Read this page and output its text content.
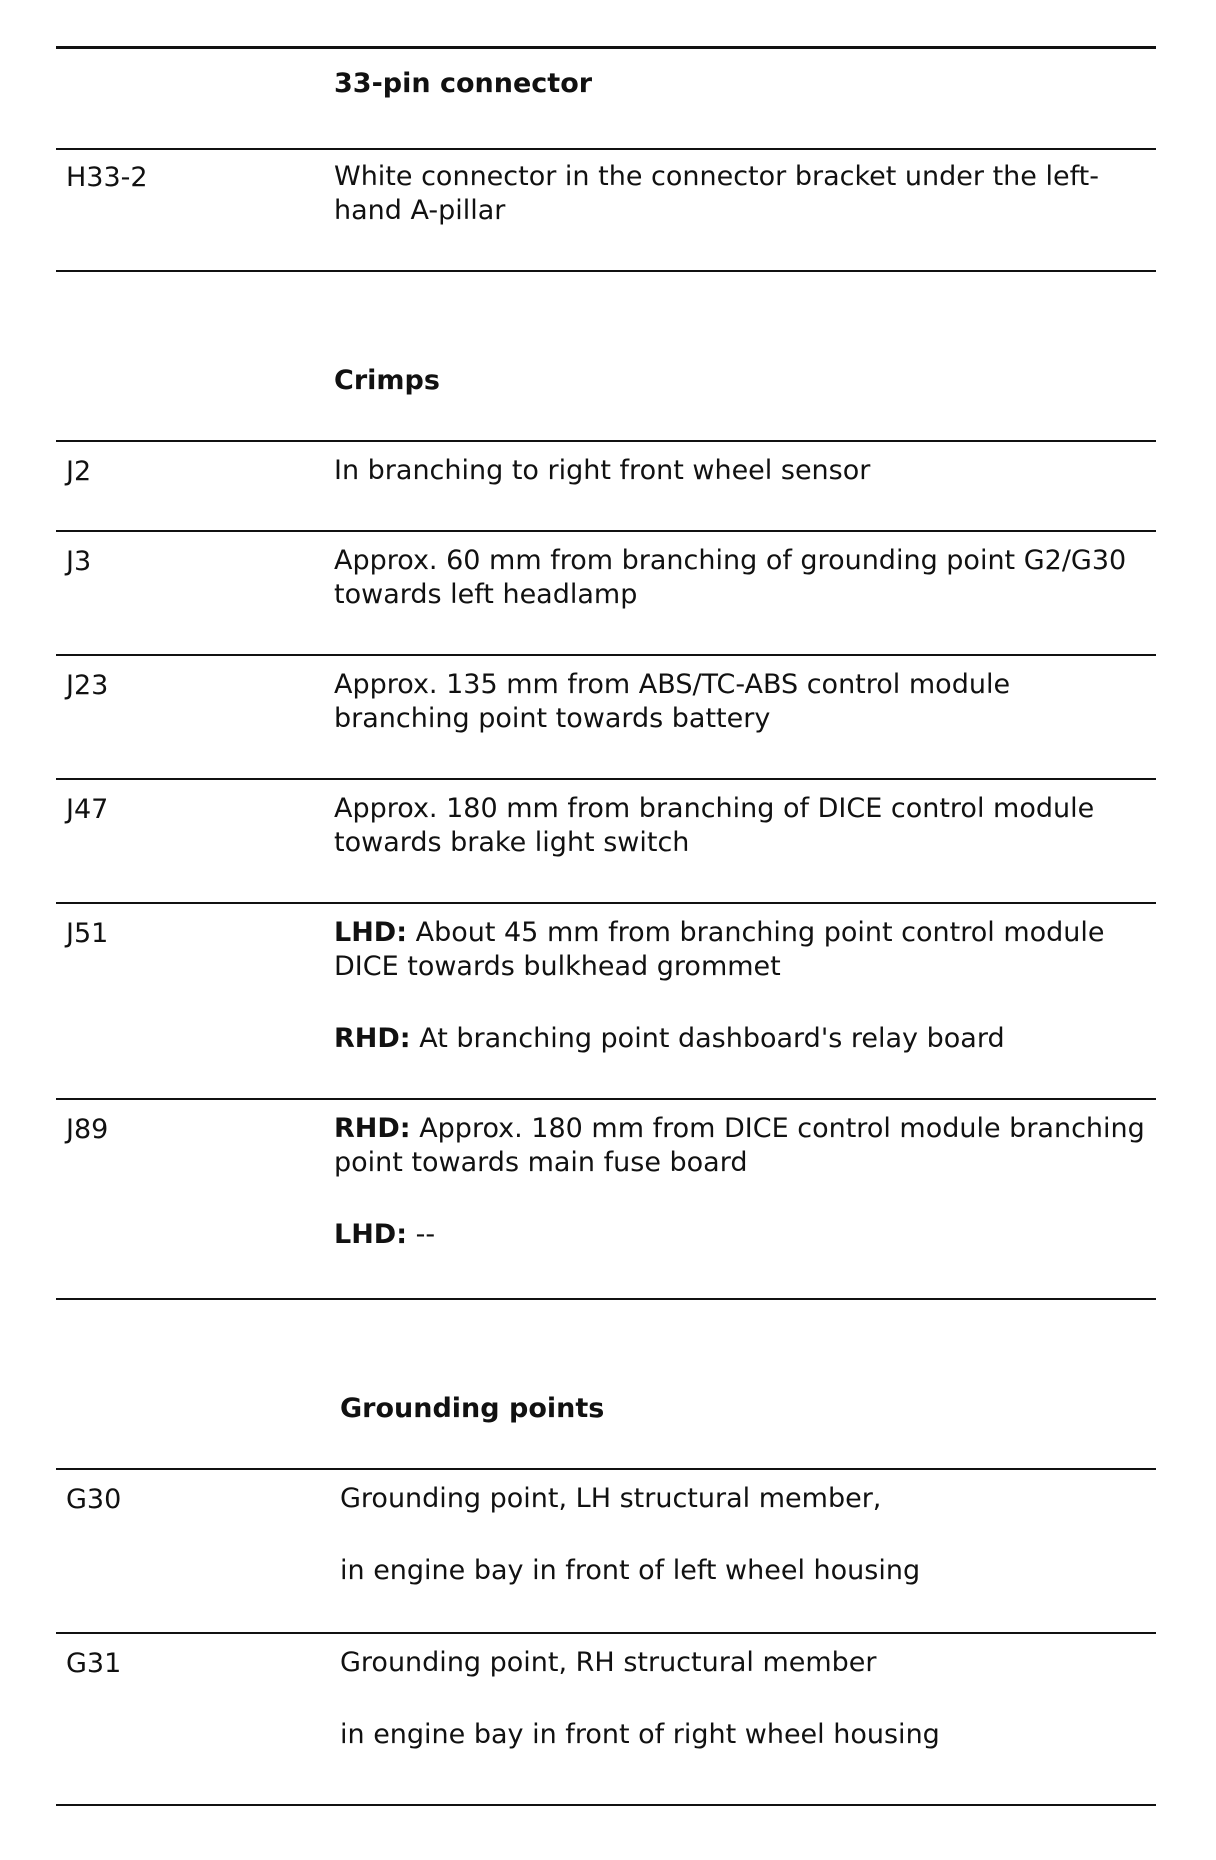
33-pin connector
H33-2	White connector in the connector bracket under the left-hand A-pillar
Crimps
J2	In branching to right front wheel sensor
J3	Approx. 60 mm from branching of grounding point G2/G30 towards left headlamp
J23	Approx. 135 mm from ABS/TC-ABS control module branching point towards battery
J47	Approx. 180 mm from branching of DICE control module towards brake light switch
J51	LHD: About 45 mm from branching point control module DICE towards bulkhead grommet

RHD: At branching point dashboard's relay board

J89	RHD: Approx. 180 mm from DICE control module branching point towards main fuse board

LHD: --

Grounding points
G30	Grounding point, LH structural member,

in engine bay in front of left wheel housing

G31	Grounding point, RH structural member

in engine bay in front of right wheel housing
